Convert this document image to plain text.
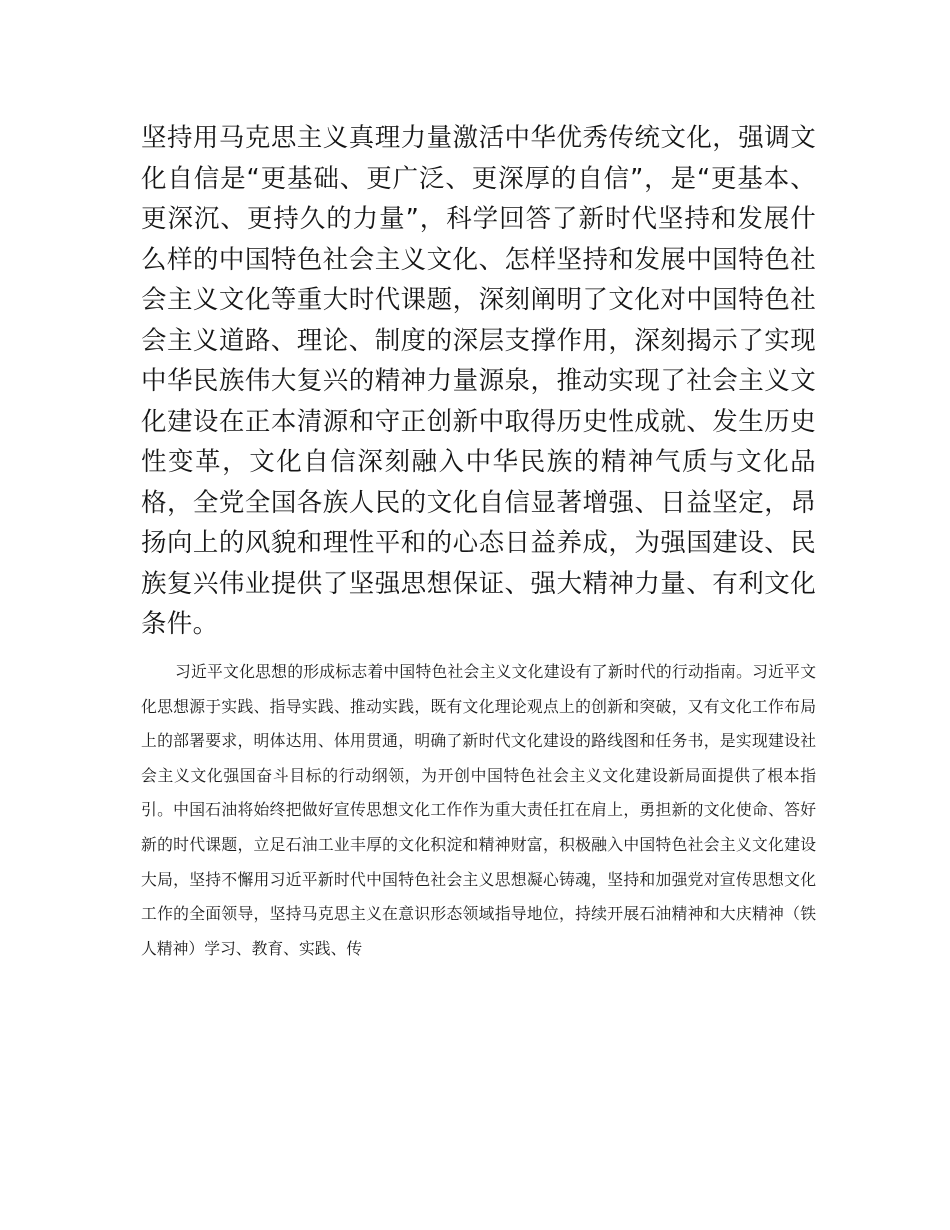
坚持用马克思主义真理力量激活中华优秀传统文化，强调文化自信是“更基础、更广泛、更深厚的自信”，是“更基本、更深沉、更持久的力量”，科学回答了新时代坚持和发展什么样的中国特色社会主义文化、怎样坚持和发展中国特色社会主义文化等重大时代课题，深刻阐明了文化对中国特色社会主义道路、理论、制度的深层支撑作用，深刻揭示了实现中华民族伟大复兴的精神力量源泉，推动实现了社会主义文化建设在正本清源和守正创新中取得历史性成就、发生历史性变革，文化自信深刻融入中华民族的精神气质与文化品格，全党全国各族人民的文化自信显著增强、日益坚定，昂扬向上的风貌和理性平和的心态日益养成，为强国建设、民族复兴伟业提供了坚强思想保证、强大精神力量、有利文化条件。

习近平文化思想的形成标志着中国特色社会主义文化建设有了新时代的行动指南。习近平文化思想源于实践、指导实践、推动实践，既有文化理论观点上的创新和突破，又有文化工作布局上的部署要求，明体达用、体用贯通，明确了新时代文化建设的路线图和任务书，是实现建设社会主义文化强国奋斗目标的行动纲领，为开创中国特色社会主义文化建设新局面提供了根本指引。中国石油将始终把做好宣传思想文化工作作为重大责任扛在肩上，勇担新的文化使命、答好新的时代课题，立足石油工业丰厚的文化积淀和精神财富，积极融入中国特色社会主义文化建设大局，坚持不懈用习近平新时代中国特色社会主义思想凝心铸魂，坚持和加强党对宣传思想文化工作的全面领导，坚持马克思主义在意识形态领域指导地位，持续开展石油精神和大庆精神（铁人精神）学习、教育、实践、传
